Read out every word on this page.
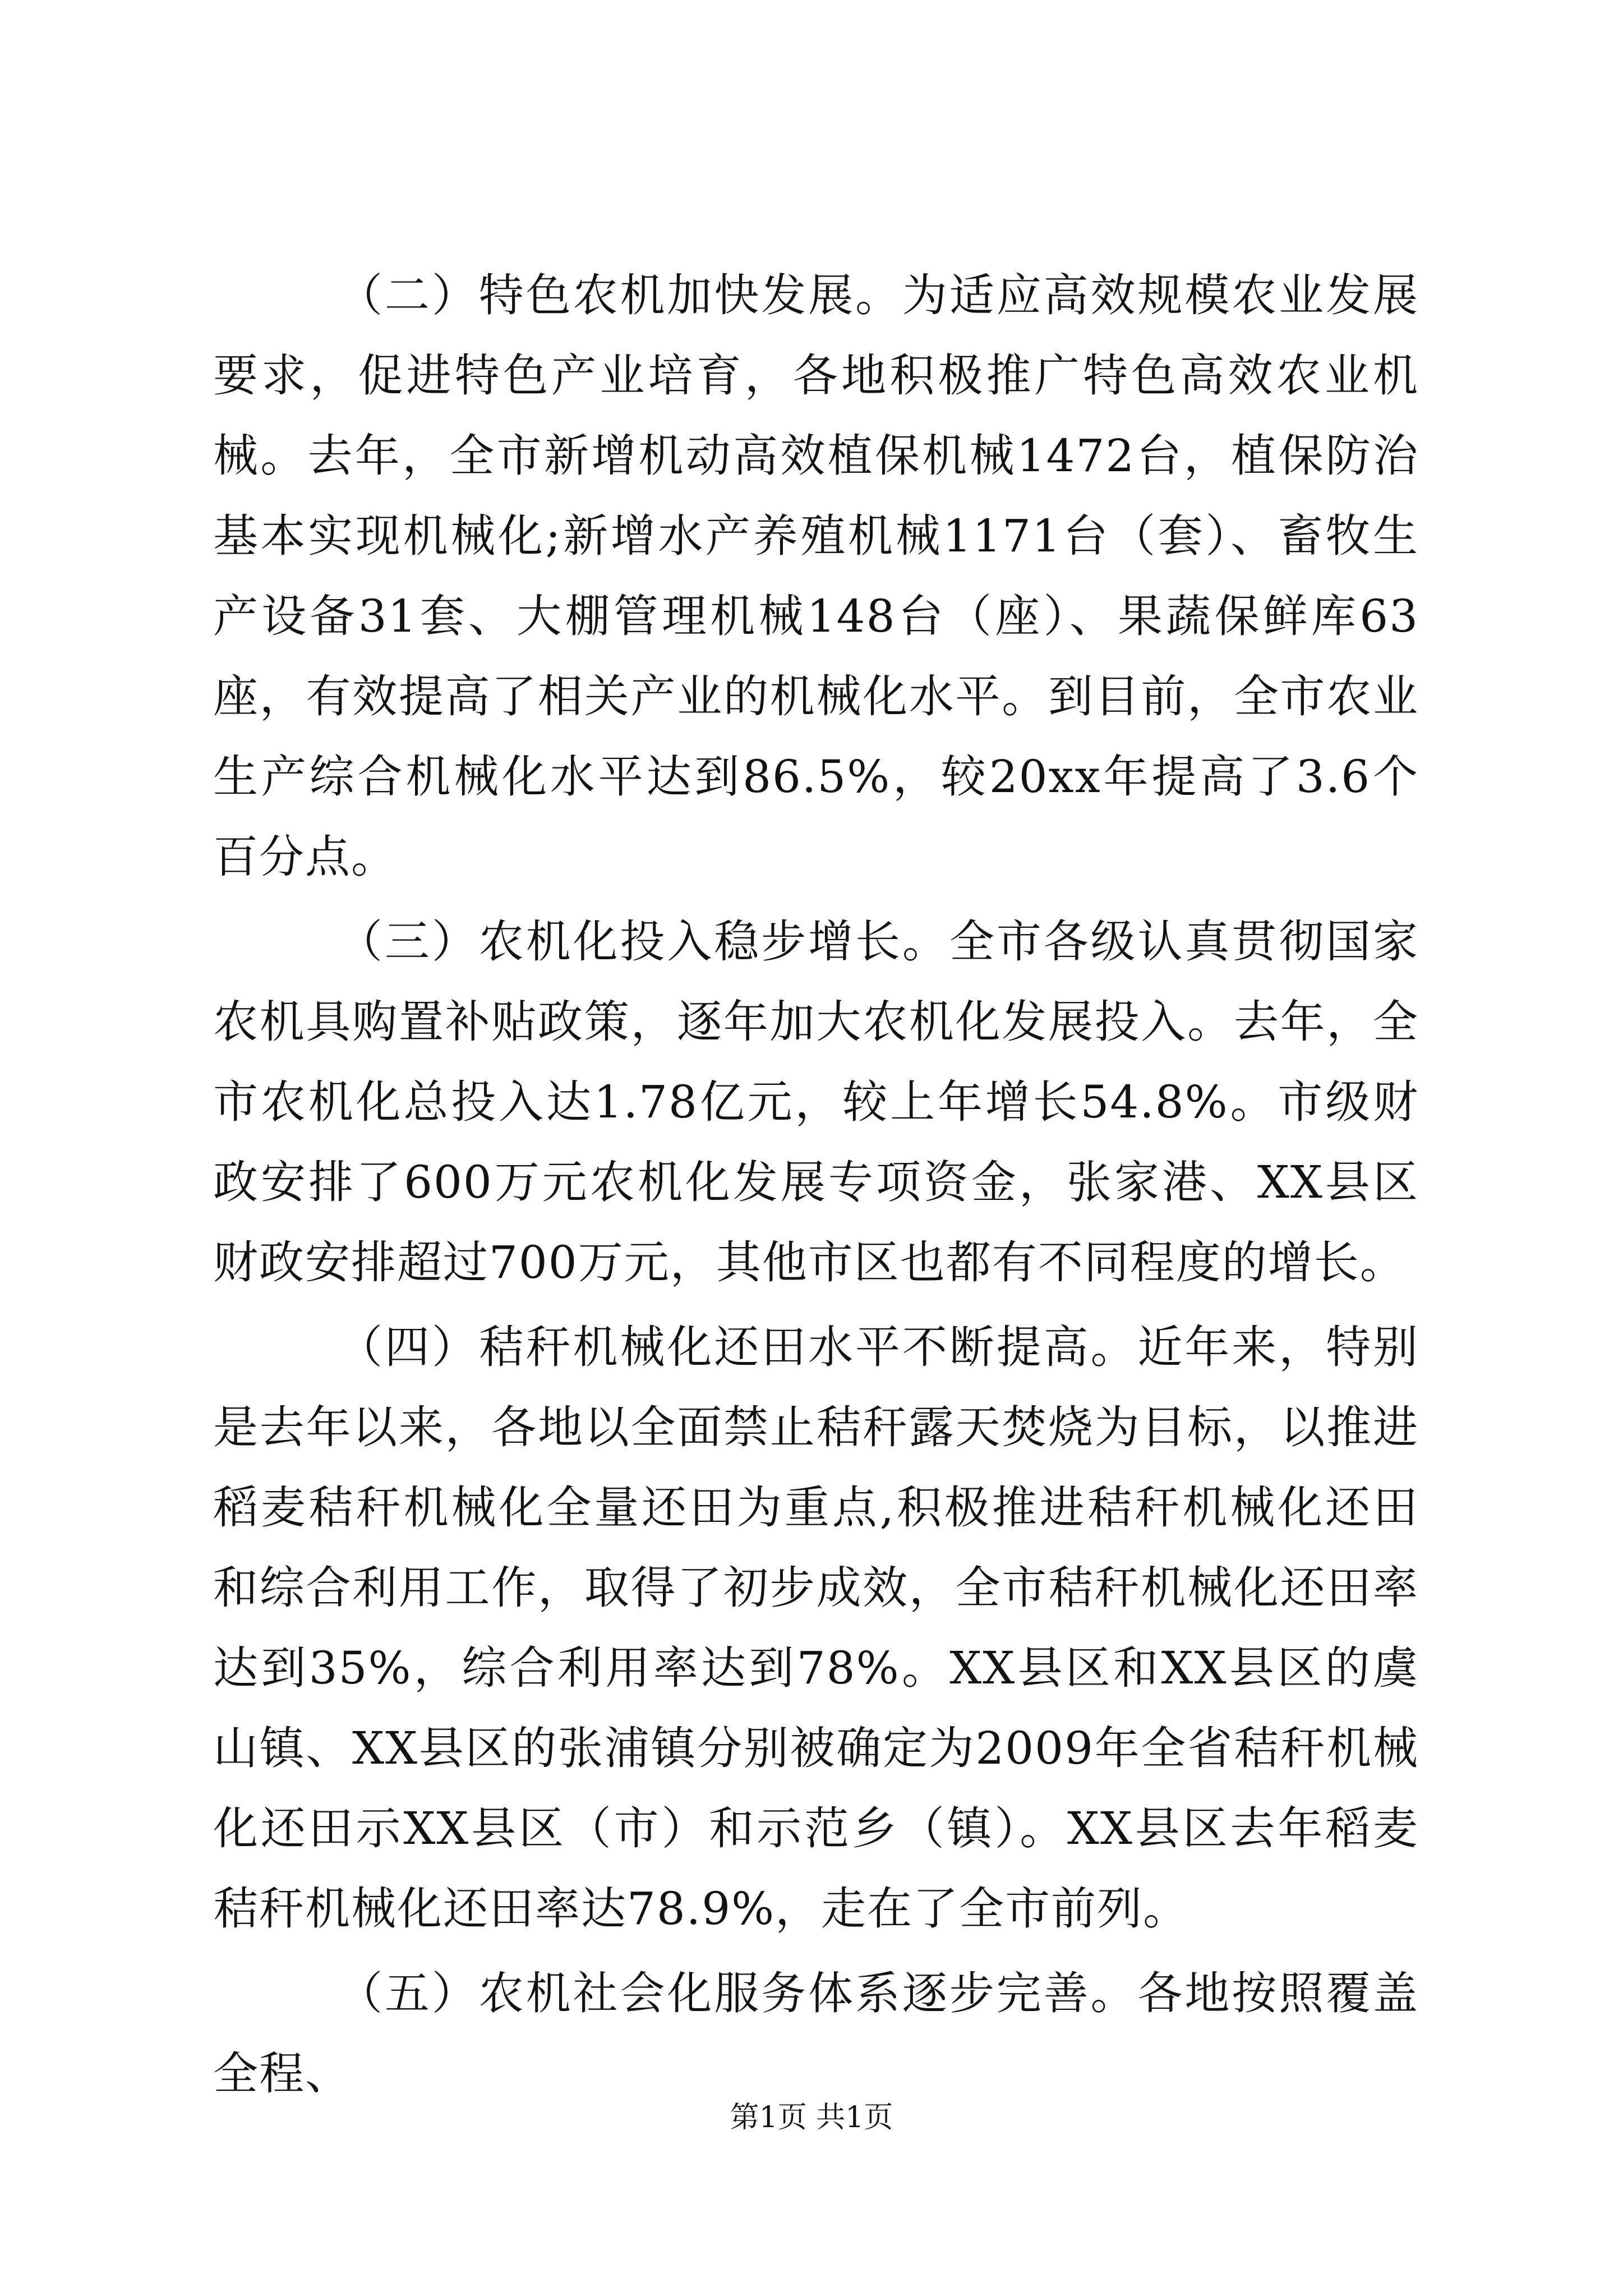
（二）特色农机加快发展。为适应高效规模农业发展要求，促进特色产业培育，各地积极推广特色高效农业机械。去年，全市新增机动高效植保机械1472台，植保防治基本实现机械化;新增水产养殖机械1171台（套）、畜牧生产设备31套、大棚管理机械148台（座）、果蔬保鲜库63座，有效提高了相关产业的机械化水平。到目前，全市农业生产综合机械化水平达到86.5%，较20xx年提高了3.6个百分点。

（三）农机化投入稳步增长。全市各级认真贯彻国家农机具购置补贴政策，逐年加大农机化发展投入。去年，全市农机化总投入达1.78亿元，较上年增长54.8%。市级财政安排了600万元农机化发展专项资金，张家港、XX县区财政安排超过700万元，其他市区也都有不同程度的增长。

（四）秸秆机械化还田水平不断提高。近年来，特别是去年以来，各地以全面禁止秸秆露天焚烧为目标，以推进稻麦秸秆机械化全量还田为重点,积极推进秸秆机械化还田和综合利用工作，取得了初步成效，全市秸秆机械化还田率达到35%，综合利用率达到78%。XX县区和XX县区的虞山镇、XX县区的张浦镇分别被确定为2009年全省秸秆机械化还田示XX县区（市）和示范乡（镇）。XX县区去年稻麦秸秆机械化还田率达78.9%，走在了全市前列。

（五）农机社会化服务体系逐步完善。各地按照覆盖全程、

第1页 共1页
